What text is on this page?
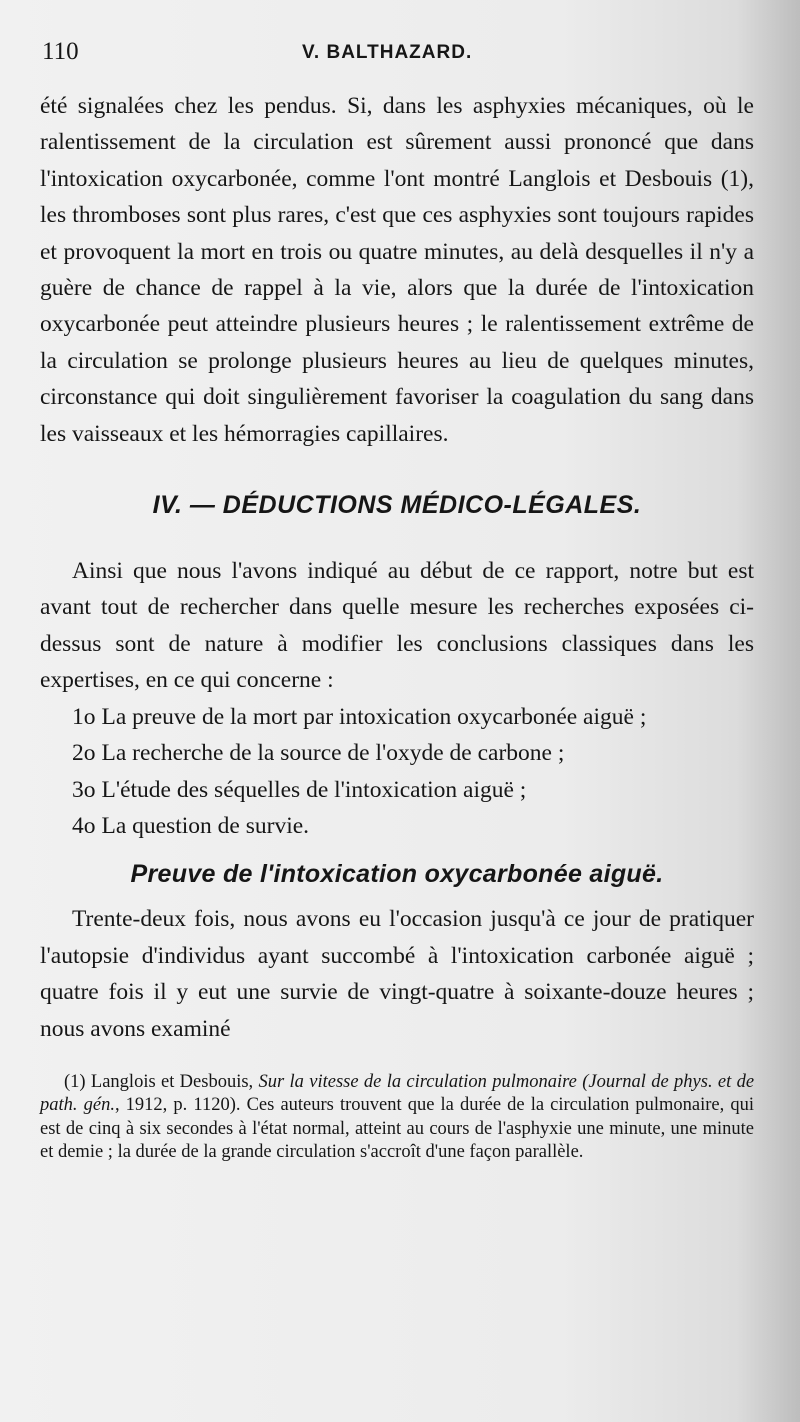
110	V. BALTHAZARD.

été signalées chez les pendus. Si, dans les asphyxies mécaniques, où le ralentissement de la circulation est sûrement aussi prononcé que dans l'intoxication oxycarbonée, comme l'ont montré Langlois et Desbouis (1), les thromboses sont plus rares, c'est que ces asphyxies sont toujours rapides et provoquent la mort en trois ou quatre minutes, au delà desquelles il n'y a guère de chance de rappel à la vie, alors que la durée de l'intoxication oxycarbonée peut atteindre plusieurs heures ; le ralentissement extrême de la circulation se prolonge plusieurs heures au lieu de quelques minutes, circonstance qui doit singulièrement favoriser la coagulation du sang dans les vaisseaux et les hémorragies capillaires.

IV. — DÉDUCTIONS MÉDICO-LÉGALES.

Ainsi que nous l'avons indiqué au début de ce rapport, notre but est avant tout de rechercher dans quelle mesure les recherches exposées ci-dessus sont de nature à modifier les conclusions classiques dans les expertises, en ce qui concerne :

1o La preuve de la mort par intoxication oxycarbonée aiguë ;
2o La recherche de la source de l'oxyde de carbone ;
3o L'étude des séquelles de l'intoxication aiguë ;
4o La question de survie.
Preuve de l'intoxication oxycarbonée aiguë.

Trente-deux fois, nous avons eu l'occasion jusqu'à ce jour de pratiquer l'autopsie d'individus ayant succombé à l'intoxication carbonée aiguë ; quatre fois il y eut une survie de vingt-quatre à soixante-douze heures ; nous avons examiné

(1) Langlois et Desbouis, Sur la vitesse de la circulation pulmonaire (Journal de phys. et de path. gén., 1912, p. 1120). Ces auteurs trouvent que la durée de la circulation pulmonaire, qui est de cinq à six secondes à l'état normal, atteint au cours de l'asphyxie une minute, une minute et demie ; la durée de la grande circulation s'accroît d'une façon parallèle.
